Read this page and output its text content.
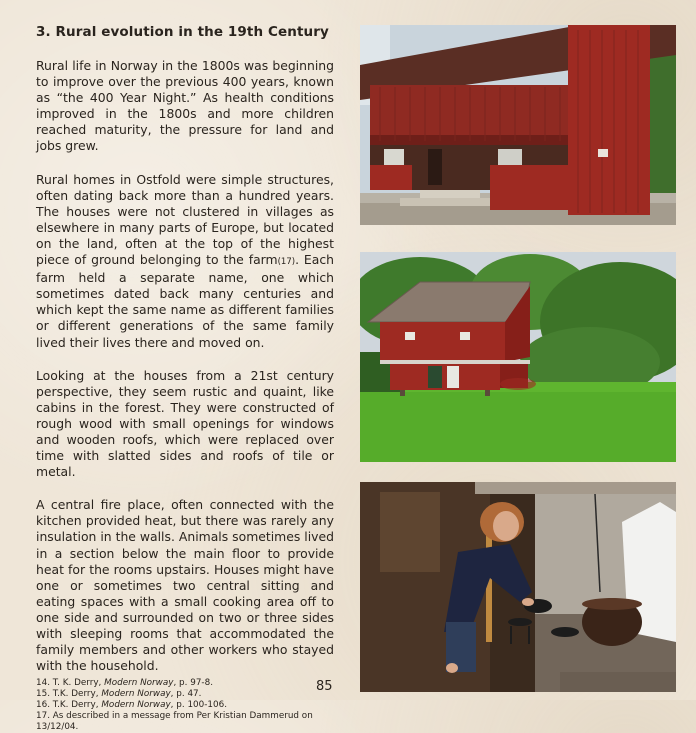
3. Rural evolution in the 19th Century

Rural life in Norway in the 1800s was beginning to improve over the previous 400 years, known as “the 400 Year Night.” As health conditions improved in the 1800s and more children reached maturity, the pressure for land and jobs grew.

Rural homes in Ostfold were simple structures, often dating back more than a hundred years. The houses were not clustered in villages as elsewhere in many parts of Europe, but located on the land, often at the top of the highest piece of ground belonging to the farm(17). Each farm held a separate name, one which sometimes dated back many centuries and which kept the same name as different families or different generations of the same family lived their lives there and moved on.

Looking at the houses from a 21st century perspective, they seem rustic and quaint, like cabins in the forest. They were constructed of rough wood with small openings for windows and wooden roofs, which were replaced over time with slatted sides and roofs of tile or metal.

A central fire place, often connected with the kitchen provided heat, but there was rarely any insulation in the walls. Animals sometimes lived in a section below the main floor to provide heat for the rooms upstairs. Houses might have one or sometimes two central sitting and eating spaces with a small cooking area off to one side and surrounded on two or three sides with sleeping rooms that accommodated the family members and other workers who stayed with the household.

14. T. K. Derry, Modern Norway, p. 97-8.
15. T.K. Derry, Modern Norway, p. 47.
16. T.K. Derry, Modern Norway, p. 100-106.
17. As described in a message from Per Kristian Dammerud on
13/12/04.
85
